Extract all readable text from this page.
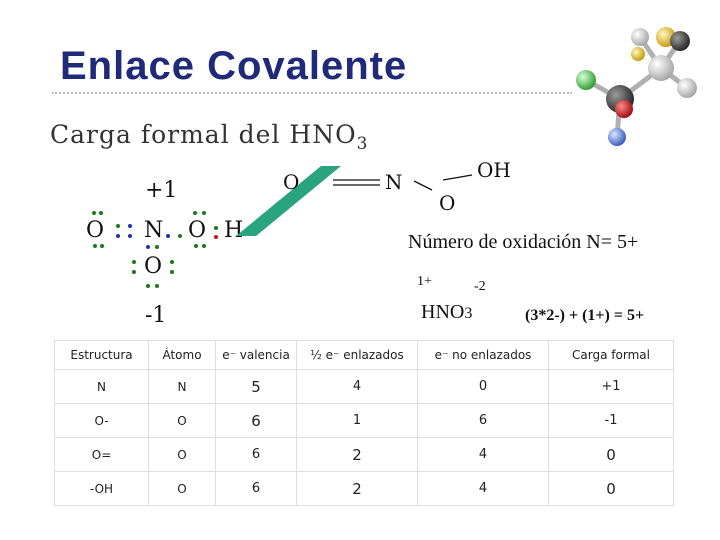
Enlace Covalente
Carga formal del $HNO_3$
+1
O N O H
O
-1
O	N	OH
O
Número de oxidación N= 5+
1+	-2
HNO3	(3*2-) + (1+) = 5+
Estructura	Átomo	e⁻ valencia	½ e⁻ enlazados	e⁻ no enlazados	Carga formal
N	N	5	4	0	+1
O-	O	6	1	6	-1
O=	O	6	2	4	0
-OH	O	6	2	4	0
